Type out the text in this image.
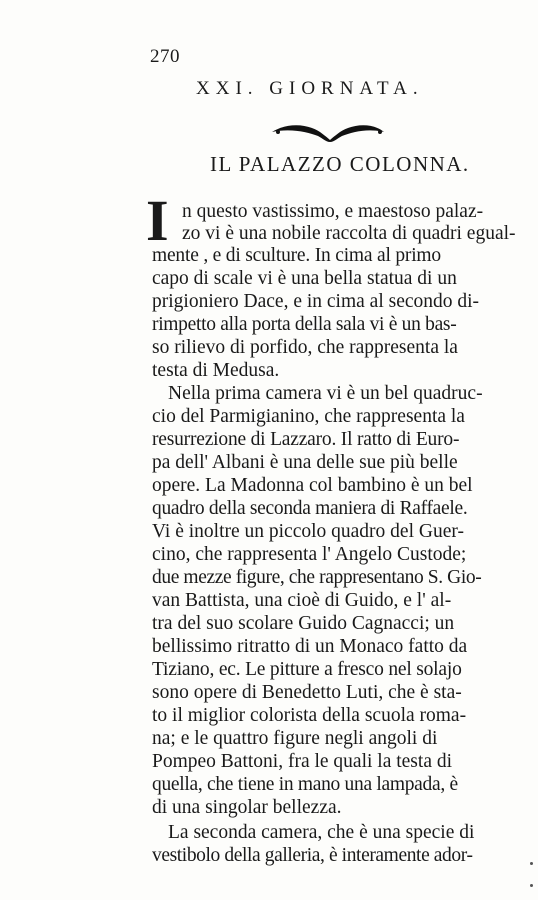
270
XXI. GIORNATA.
IL PALAZZO COLONNA.
I n questo vastissimo, e maestoso palaz-
zo vi è una nobile raccolta di quadri egual-
mente , e di sculture. In cima al primo
capo di scale vi è una bella statua di un
prigioniero Dace, e in cima al secondo di-
rimpetto alla porta della sala vi è un bas-
so rilievo di porfido, che rappresenta la
testa di Medusa.
Nella prima camera vi è un bel quadruc-
cio del Parmigianino, che rappresenta la
resurrezione di Lazzaro. Il ratto di Euro-
pa dell' Albani è una delle sue più belle
opere. La Madonna col bambino è un bel
quadro della seconda maniera di Raffaele.
Vi è inoltre un piccolo quadro del Guer-
cino, che rappresenta l' Angelo Custode;
due mezze figure, che rappresentano S. Gio-
van Battista, una cioè di Guido, e l' al-
tra del suo scolare Guido Cagnacci; un
bellissimo ritratto di un Monaco fatto da
Tiziano, ec. Le pitture a fresco nel solajo
sono opere di Benedetto Luti, che è sta-
to il miglior colorista della scuola roma-
na; e le quattro figure negli angoli di
Pompeo Battoni, fra le quali la testa di
quella, che tiene in mano una lampada, è
di una singolar bellezza.
La seconda camera, che è una specie di
vestibolo della galleria, è interamente ador-
